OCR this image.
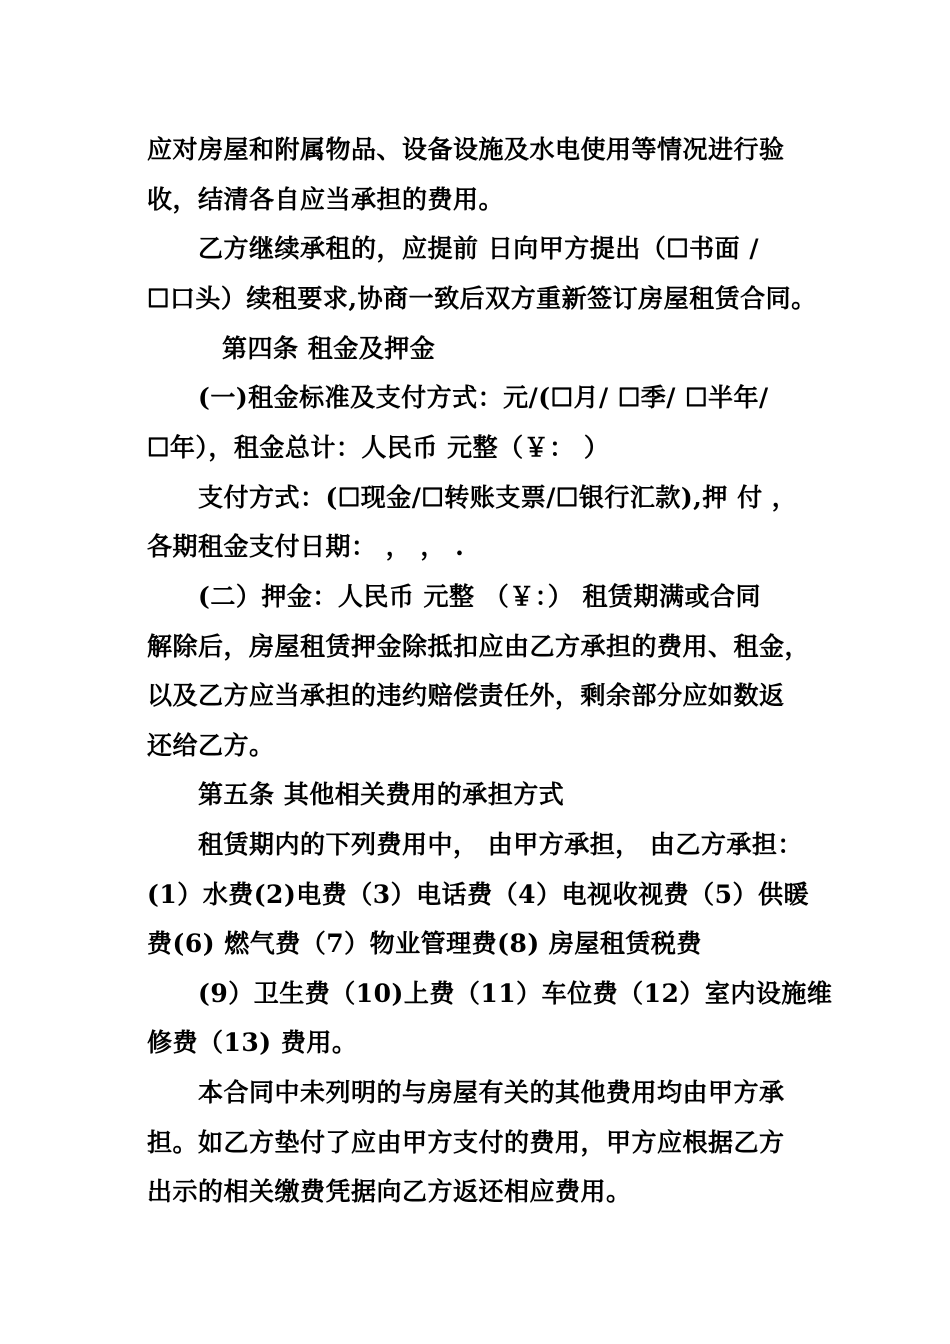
应对房屋和附属物品、设备设施及水电使用等情况进行验
收，结清各自应当承担的费用。
乙方继续承租的，应提前 日向甲方提出（☐书面 /
☐口头）续租要求,协商一致后双方重新签订房屋租赁合同。
第四条 租金及押金
(一)租金标准及支付方式：元/(☐月/ ☐季/ ☐半年/
☐年），租金总计：人民币 元整（￥： ）
支付方式：(☐现金/☐转账支票/☐银行汇款),押 付 ，
各期租金支付日期： ， ， .
(二）押金：人民币 元整 （￥：） 租赁期满或合同
解除后，房屋租赁押金除抵扣应由乙方承担的费用、租金，
以及乙方应当承担的违约赔偿责任外，剩余部分应如数返
还给乙方。
第五条 其他相关费用的承担方式
租赁期内的下列费用中， 由甲方承担， 由乙方承担：
(1）水费(2)电费（3）电话费（4）电视收视费（5）供暖
费(6) 燃气费（7）物业管理费(8) 房屋租赁税费
(9）卫生费（10)上费（11）车位费（12）室内设施维
修费（13) 费用。
本合同中未列明的与房屋有关的其他费用均由甲方承
担。如乙方垫付了应由甲方支付的费用，甲方应根据乙方
出示的相关缴费凭据向乙方返还相应费用。
